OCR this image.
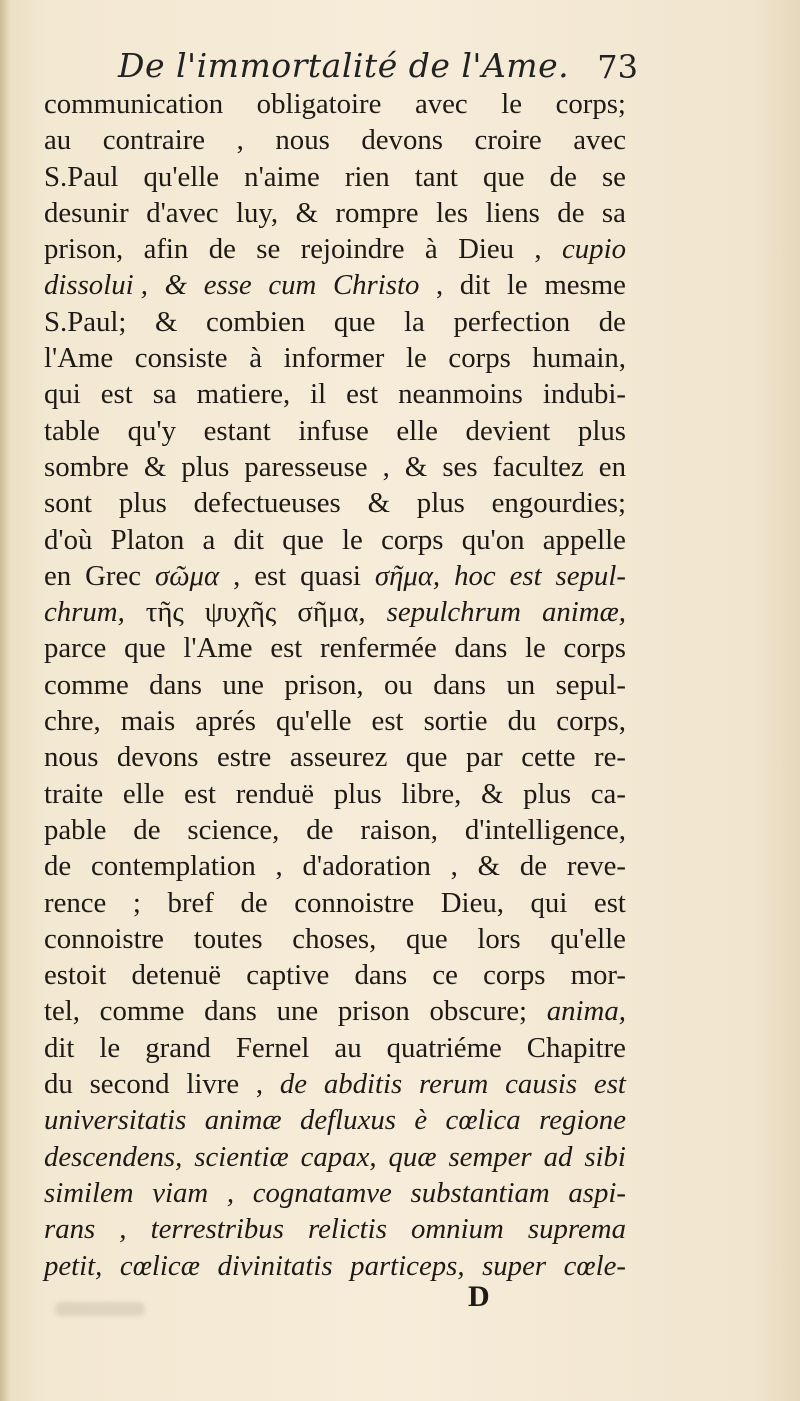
De l'immortalité de l'Ame. 73
communication obligatoire avec le corps;
au contraire , nous devons croire avec
S.Paul qu'elle n'aime rien tant que de se
desunir d'avec luy, & rompre les liens de sa
prison, afin de se rejoindre à Dieu , cupio
dissolui , & esse cum Christo , dit le mesme
S.Paul; & combien que la perfection de
l'Ame consiste à informer le corps humain,
qui est sa matiere, il est neanmoins indubi-
table qu'y estant infuse elle devient plus
sombre & plus paresseuse , & ses facultez en
sont plus defectueuses & plus engourdies;
d'où Platon a dit que le corps qu'on appelle
en Grec σῶμα , est quasi σῆμα, hoc est sepul-
chrum, τῆς ψυχῆς σῆμα, sepulchrum animæ,
parce que l'Ame est renfermée dans le corps
comme dans une prison, ou dans un sepul-
chre, mais aprés qu'elle est sortie du corps,
nous devons estre asseurez que par cette re-
traite elle est renduë plus libre, & plus ca-
pable de science, de raison, d'intelligence,
de contemplation , d'adoration , & de reve-
rence ; bref de connoistre Dieu, qui est
connoistre toutes choses, que lors qu'elle
estoit detenuë captive dans ce corps mor-
tel, comme dans une prison obscure; anima,
dit le grand Fernel au quatriéme Chapitre
du second livre , de abditis rerum causis est
universitatis animæ defluxus è cœlica regione
descendens, scientiæ capax, quæ semper ad sibi
similem viam , cognatamve substantiam aspi-
rans , terrestribus relictis omnium suprema
petit, cœlicæ divinitatis particeps, super cœle-
D
